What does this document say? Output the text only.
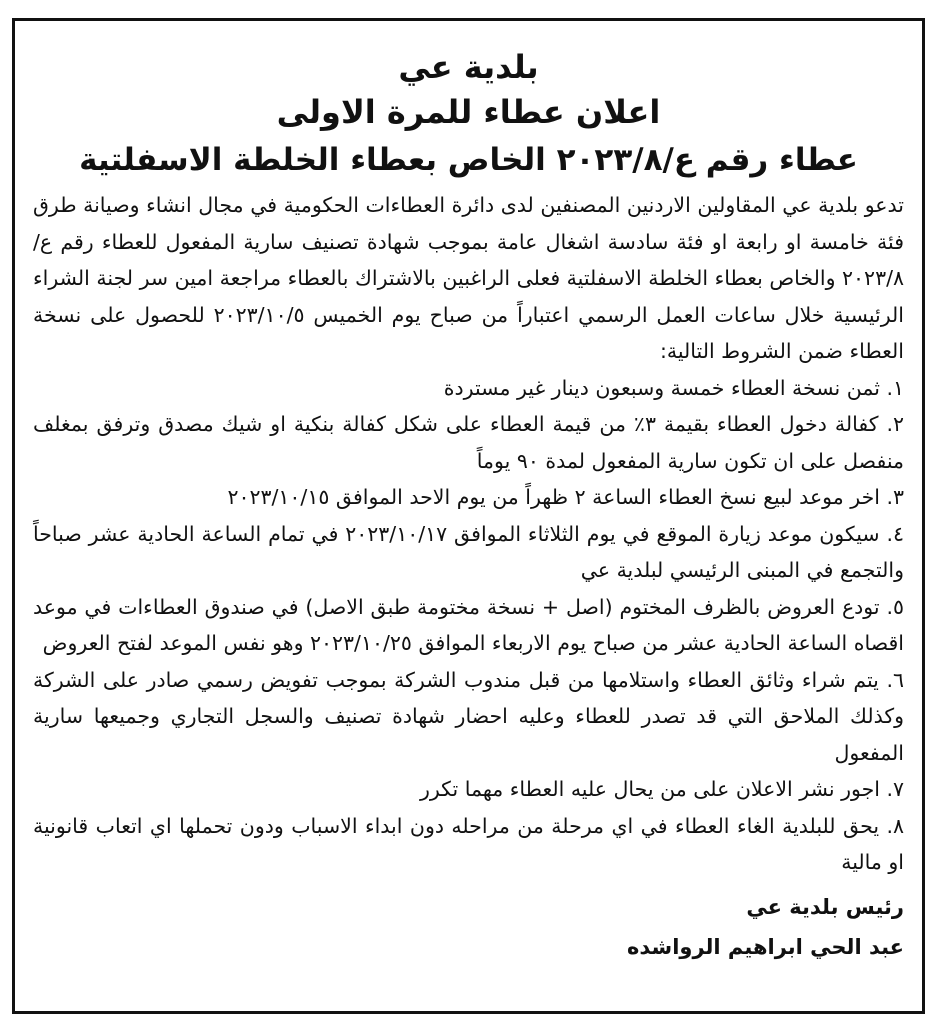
بلدية عي

اعلان عطاء للمرة الاولى

عطاء رقم ع/٢٠٢٣/٨ الخاص بعطاء الخلطة الاسفلتية

تدعو بلدية عي المقاولين الاردنين المصنفين لدى دائرة العطاءات الحكومية في مجال انشاء وصيانة طرق فئة خامسة او رابعة او فئة سادسة اشغال عامة بموجب شهادة تصنيف سارية المفعول للعطاء رقم ع/٢٠٢٣/٨ والخاص بعطاء الخلطة الاسفلتية فعلى الراغبين بالاشتراك بالعطاء مراجعة امين سر لجنة الشراء الرئيسية خلال ساعات العمل الرسمي اعتباراً من صباح يوم الخميس ٢٠٢٣/١٠/٥ للحصول على نسخة العطاء ضمن الشروط التالية:

١. ثمن نسخة العطاء خمسة وسبعون دينار غير مستردة
٢. كفالة دخول العطاء بقيمة ٣٪ من قيمة العطاء على شكل كفالة بنكية او شيك مصدق وترفق بمغلف منفصل على ان تكون سارية المفعول لمدة ٩٠ يوماً
٣. اخر موعد لبيع نسخ العطاء الساعة ٢ ظهراً من يوم الاحد الموافق ٢٠٢٣/١٠/١٥
٤. سيكون موعد زيارة الموقع في يوم الثلاثاء الموافق ٢٠٢٣/١٠/١٧ في تمام الساعة الحادية عشر صباحاً والتجمع في المبنى الرئيسي لبلدية عي
٥. تودع العروض بالظرف المختوم (اصل + نسخة مختومة طبق الاصل) في صندوق العطاءات في موعد اقصاه الساعة الحادية عشر من صباح يوم الاربعاء الموافق ٢٠٢٣/١٠/٢٥ وهو نفس الموعد لفتح العروض
٦. يتم شراء وثائق العطاء واستلامها من قبل مندوب الشركة بموجب تفويض رسمي صادر على الشركة وكذلك الملاحق التي قد تصدر للعطاء وعليه احضار شهادة تصنيف والسجل التجاري وجميعها سارية المفعول
٧. اجور نشر الاعلان على من يحال عليه العطاء مهما تكرر
٨. يحق للبلدية الغاء العطاء في اي مرحلة من مراحله دون ابداء الاسباب ودون تحملها اي اتعاب قانونية او مالية
رئيس بلدية عي
عبد الحي ابراهيم الرواشده
